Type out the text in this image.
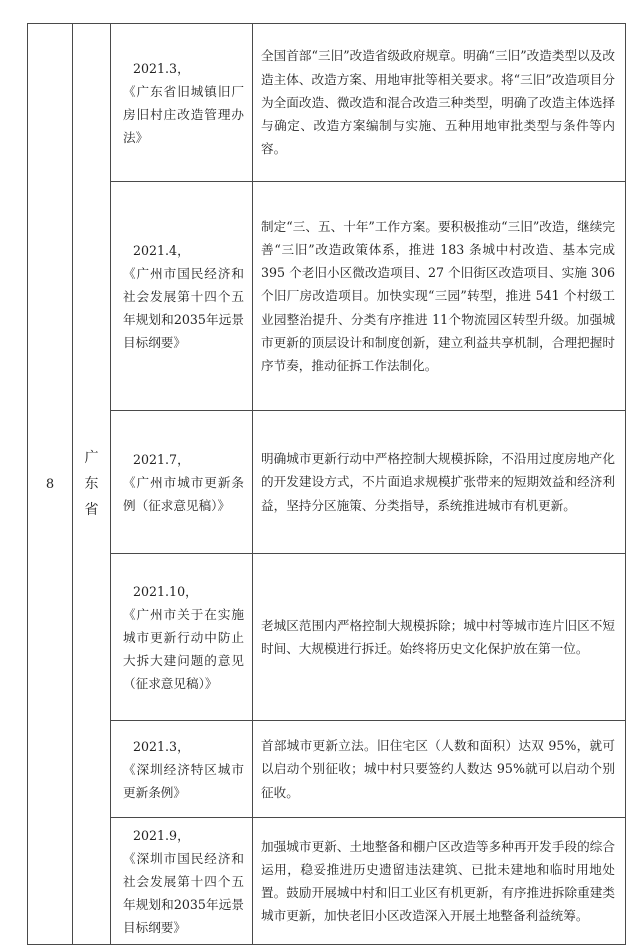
8	广东省	2021.3，
《广东省旧城镇旧厂房旧村庄改造管理办法》	全国首部“三旧”改造省级政府规章。明确“三旧”改造类型以及改造主体、改造方案、用地审批等相关要求。将“三旧”改造项目分为全面改造、微改造和混合改造三种类型，明确了改造主体选择与确定、改造方案编制与实施、五种用地审批类型与条件等内容。

		2021.4，
《广州市国民经济和社会发展第十四个五年规划和2035年远景目标纲要》	制定“三、五、十年”工作方案。要积极推动“三旧”改造，继续完善“三旧”改造政策体系，推进 183 条城中村改造、基本完成 395 个老旧小区微改造项目、27 个旧街区改造项目、实施 306 个旧厂房改造项目。加快实现“三园”转型，推进 541 个村级工业园整治提升、分类有序推进 11个物流园区转型升级。加强城市更新的顶层设计和制度创新，建立利益共享机制，合理把握时序节奏，推动征拆工作法制化。

		2021.7，
《广州市城市更新条例（征求意见稿）》	明确城市更新行动中严格控制大规模拆除，不沿用过度房地产化的开发建设方式，不片面追求规模扩张带来的短期效益和经济利益，坚持分区施策、分类指导，系统推进城市有机更新。

		2021.10，
《广州市关于在实施城市更新行动中防止大拆大建问题的意见（征求意见稿）》	老城区范围内严格控制大规模拆除；城中村等城市连片旧区不短时间、大规模进行拆迁。始终将历史文化保护放在第一位。

		2021.3，
《深圳经济特区城市更新条例》	首部城市更新立法。旧住宅区（人数和面积）达双 95%，就可以启动个别征收；城中村只要签约人数达 95%就可以启动个别征收。

		2021.9，
《深圳市国民经济和社会发展第十四个五年规划和2035年远景目标纲要》	加强城市更新、土地整备和棚户区改造等多种再开发手段的综合运用，稳妥推进历史遗留违法建筑、已批未建地和临时用地处置。鼓励开展城中村和旧工业区有机更新，有序推进拆除重建类城市更新，加快老旧小区改造深入开展土地整备利益统筹。
